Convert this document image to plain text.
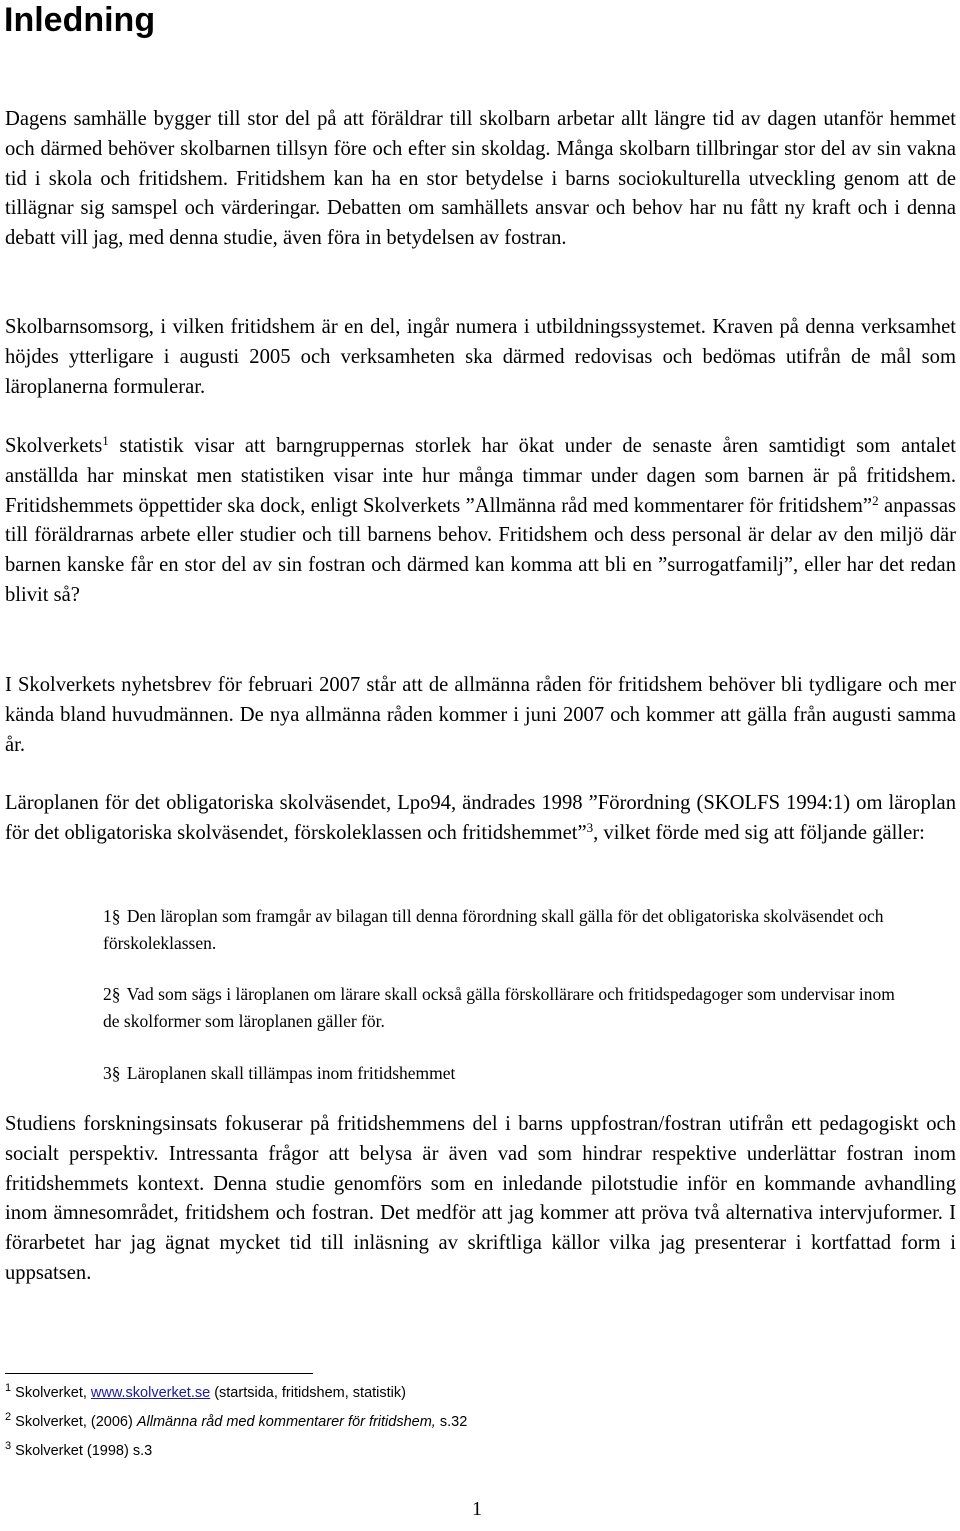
Inledning

Dagens samhälle bygger till stor del på att föräldrar till skolbarn arbetar allt längre tid av dagen utanför hemmet och därmed behöver skolbarnen tillsyn före och efter sin skoldag. Många skolbarn tillbringar stor del av sin vakna tid i skola och fritidshem. Fritidshem kan ha en stor betydelse i barns sociokulturella utveckling genom att de tillägnar sig samspel och värderingar. Debatten om samhällets ansvar och behov har nu fått ny kraft och i denna debatt vill jag, med denna studie, även föra in betydelsen av fostran.

Skolbarnsomsorg, i vilken fritidshem är en del, ingår numera i utbildningssystemet. Kraven på denna verksamhet höjdes ytterligare i augusti 2005 och verksamheten ska därmed redovisas och bedömas utifrån de mål som läroplanerna formulerar.

Skolverkets$^1$ statistik visar att barngruppernas storlek har ökat under de senaste åren samtidigt som antalet anställda har minskat men statistiken visar inte hur många timmar under dagen som barnen är på fritidshem. Fritidshemmets öppettider ska dock, enligt Skolverkets ”Allmänna råd med kommentarer för fritidshem”$^2$ anpassas till föräldrarnas arbete eller studier och till barnens behov. Fritidshem och dess personal är delar av den miljö där barnen kanske får en stor del av sin fostran och därmed kan komma att bli en ”surrogatfamilj”, eller har det redan blivit så?

I Skolverkets nyhetsbrev för februari 2007 står att de allmänna råden för fritidshem behöver bli tydligare och mer kända bland huvudmännen. De nya allmänna råden kommer i juni 2007 och kommer att gälla från augusti samma år.

Läroplanen för det obligatoriska skolväsendet, Lpo94, ändrades 1998 ”Förordning (SKOLFS 1994:1) om läroplan för det obligatoriska skolväsendet, förskoleklassen och fritidshemmet”$^3$, vilket förde med sig att följande gäller:

1§ Den läroplan som framgår av bilagan till denna förordning skall gälla för det obligatoriska skolväsendet och förskoleklassen.

2§ Vad som sägs i läroplanen om lärare skall också gälla förskollärare och fritidspedagoger som undervisar inom de skolformer som läroplanen gäller för.

3§ Läroplanen skall tillämpas inom fritidshemmet

Studiens forskningsinsats fokuserar på fritidshemmens del i barns uppfostran/fostran utifrån ett pedagogiskt och socialt perspektiv. Intressanta frågor att belysa är även vad som hindrar respektive underlättar fostran inom fritidshemmets kontext. Denna studie genomförs som en inledande pilotstudie inför en kommande avhandling inom ämnesområdet, fritidshem och fostran. Det medför att jag kommer att pröva två alternativa intervjuformer. I förarbetet har jag ägnat mycket tid till inläsning av skriftliga källor vilka jag presenterar i kortfattad form i uppsatsen.

$^1$ Skolverket, www.skolverket.se (startsida, fritidshem, statistik)

$^2$ Skolverket, (2006) Allmänna råd med kommentarer för fritidshem, s.32

$^3$ Skolverket (1998) s.3

1
